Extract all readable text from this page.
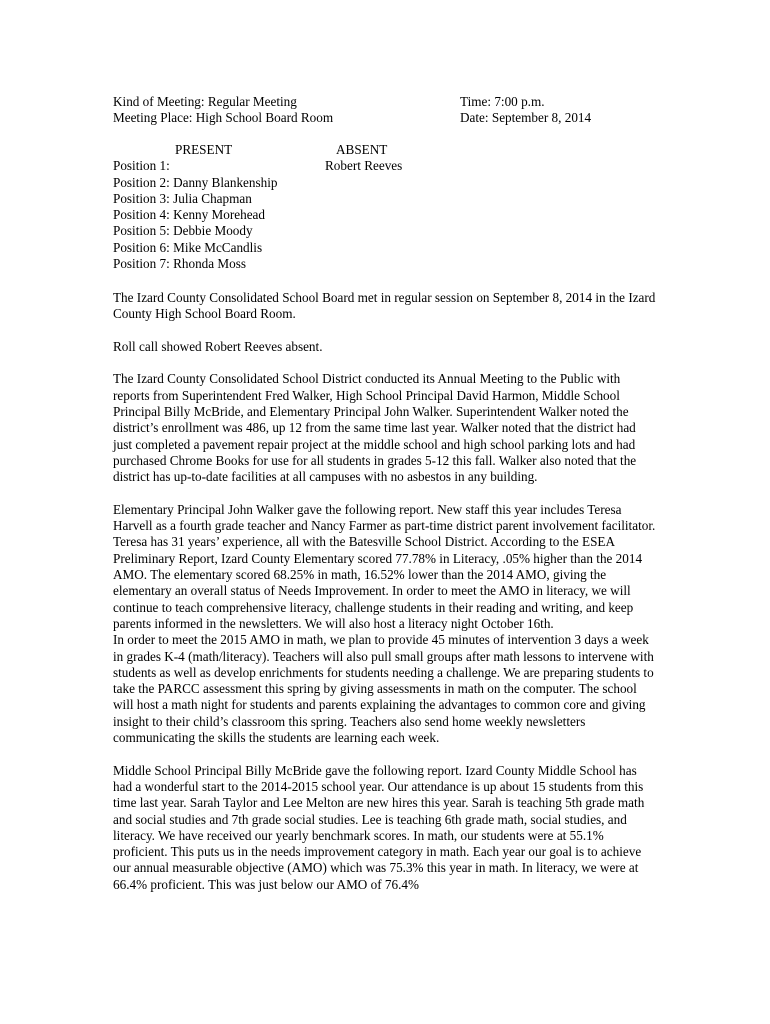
Kind of Meeting: Regular Meeting	Time: 7:00 p.m.
Meeting Place: High School Board Room	Date: September 8, 2014
PRESENT
Position 1:
Position 2: Danny Blankenship
Position 3: Julia Chapman
Position 4: Kenny Morehead
Position 5: Debbie Moody
Position 6: Mike McCandlis
Position 7: Rhonda Moss
ABSENT
Robert Reeves

The Izard County Consolidated School Board met in regular session on September 8, 2014 in the Izard County High School Board Room.

Roll call showed Robert Reeves absent.

The Izard County Consolidated School District conducted its Annual Meeting to the Public with reports from Superintendent Fred Walker, High School Principal David Harmon, Middle School Principal Billy McBride, and Elementary Principal John Walker. Superintendent Walker noted the district’s enrollment was 486, up 12 from the same time last year. Walker noted that the district had just completed a pavement repair project at the middle school and high school parking lots and had purchased Chrome Books for use for all students in grades 5-12 this fall. Walker also noted that the district has up-to-date facilities at all campuses with no asbestos in any building.

Elementary Principal John Walker gave the following report. New staff this year includes Teresa Harvell as a fourth grade teacher and Nancy Farmer as part-time district parent involvement facilitator. Teresa has 31 years’ experience, all with the Batesville School District. According to the ESEA Preliminary Report, Izard County Elementary scored 77.78% in Literacy, .05% higher than the 2014 AMO. The elementary scored 68.25% in math, 16.52% lower than the 2014 AMO, giving the elementary an overall status of Needs Improvement. In order to meet the AMO in literacy, we will continue to teach comprehensive literacy, challenge students in their reading and writing, and keep parents informed in the newsletters. We will also host a literacy night October 16th.

In order to meet the 2015 AMO in math, we plan to provide 45 minutes of intervention 3 days a week in grades K-4 (math/literacy). Teachers will also pull small groups after math lessons to intervene with students as well as develop enrichments for students needing a challenge. We are preparing students to take the PARCC assessment this spring by giving assessments in math on the computer. The school will host a math night for students and parents explaining the advantages to common core and giving insight to their child’s classroom this spring. Teachers also send home weekly newsletters communicating the skills the students are learning each week.

Middle School Principal Billy McBride gave the following report. Izard County Middle School has had a wonderful start to the 2014-2015 school year. Our attendance is up about 15 students from this time last year. Sarah Taylor and Lee Melton are new hires this year. Sarah is teaching 5th grade math and social studies and 7th grade social studies. Lee is teaching 6th grade math, social studies, and literacy. We have received our yearly benchmark scores. In math, our students were at 55.1% proficient. This puts us in the needs improvement category in math. Each year our goal is to achieve our annual measurable objective (AMO) which was 75.3% this year in math. In literacy, we were at 66.4% proficient. This was just below our AMO of 76.4%
